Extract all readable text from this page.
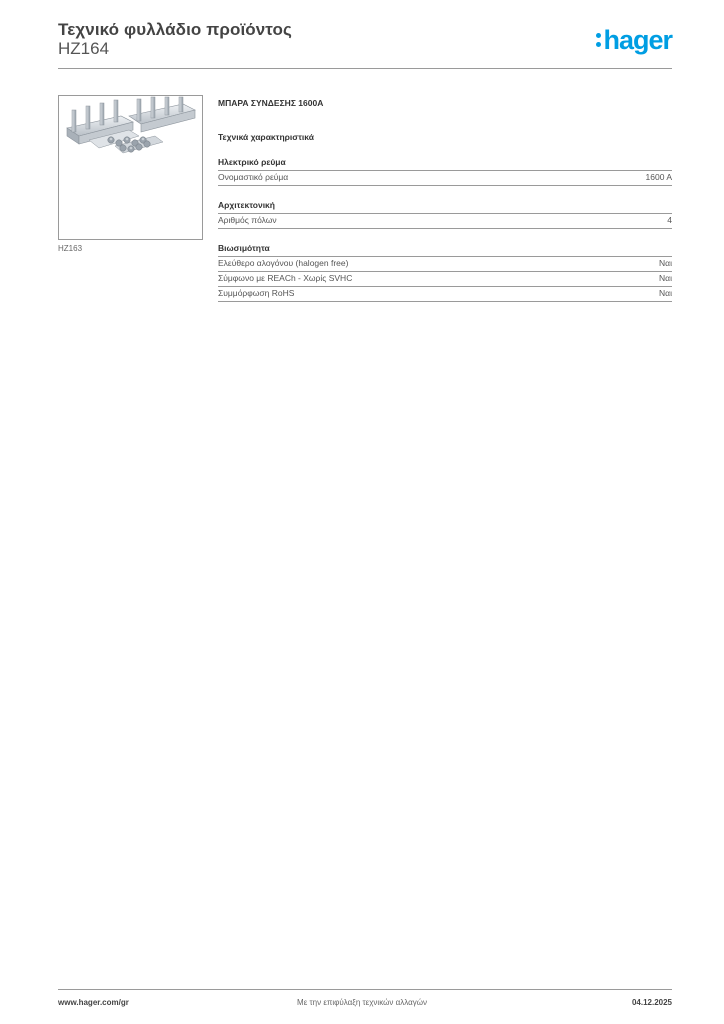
Τεχνικό φυλλάδιο προϊόντος
HZ164	hager
HZ163
ΜΠΑΡΑ ΣΥΝΔΕΣΗΣ 1600A
Τεχνικά χαρακτηριστικά
Ηλεκτρικό ρεύμα
Ονομαστικό ρεύμα	1600 A
Αρχιτεκτονική
Αριθμός πόλων	4
Βιωσιμότητα
Ελεύθερο αλογόνου (halogen free)	Ναι
Σύμφωνο με REACh - Χωρίς SVHC	Ναι
Συμμόρφωση RoHS	Ναι
www.hager.com/gr	Με την επιφύλαξη τεχνικών αλλαγών	04.12.2025
